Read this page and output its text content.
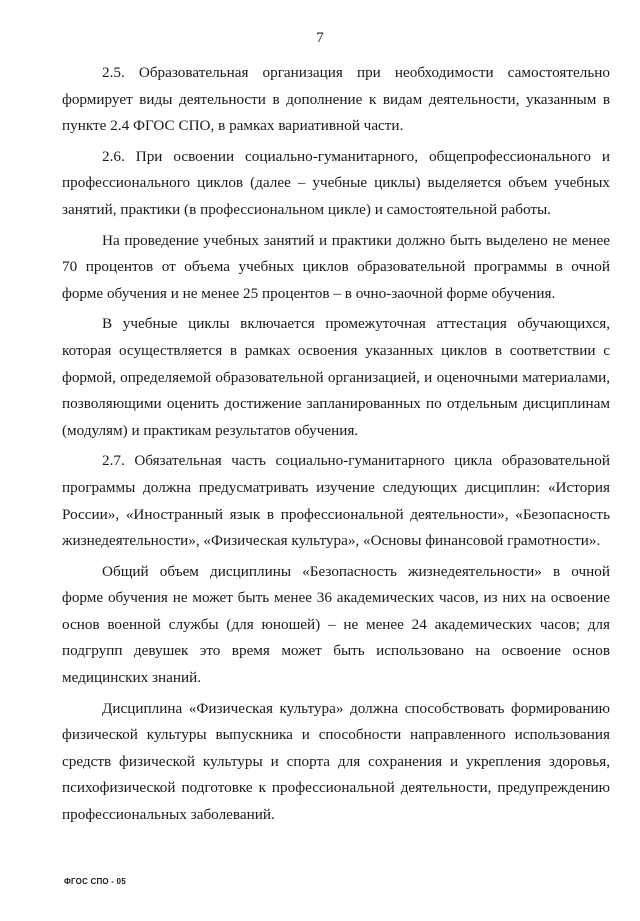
7

2.5. Образовательная организация при необходимости самостоятельно формирует виды деятельности в дополнение к видам деятельности, указанным в пункте 2.4 ФГОС СПО, в рамках вариативной части.

2.6. При освоении социально-гуманитарного, общепрофессионального и профессионального циклов (далее – учебные циклы) выделяется объем учебных занятий, практики (в профессиональном цикле) и самостоятельной работы.

На проведение учебных занятий и практики должно быть выделено не менее 70 процентов от объема учебных циклов образовательной программы в очной форме обучения и не менее 25 процентов – в очно-заочной форме обучения.

В учебные циклы включается промежуточная аттестация обучающихся, которая осуществляется в рамках освоения указанных циклов в соответствии с формой, определяемой образовательной организацией, и оценочными материалами, позволяющими оценить достижение запланированных по отдельным дисциплинам (модулям) и практикам результатов обучения.

2.7. Обязательная часть социально-гуманитарного цикла образовательной программы должна предусматривать изучение следующих дисциплин: «История России», «Иностранный язык в профессиональной деятельности», «Безопасность жизнедеятельности», «Физическая культура», «Основы финансовой грамотности».

Общий объем дисциплины «Безопасность жизнедеятельности» в очной форме обучения не может быть менее 36 академических часов, из них на освоение основ военной службы (для юношей) – не менее 24 академических часов; для подгрупп девушек это время может быть использовано на освоение основ медицинских знаний.

Дисциплина «Физическая культура» должна способствовать формированию физической культуры выпускника и способности направленного использования средств физической культуры и спорта для сохранения и укрепления здоровья, психофизической подготовке к профессиональной деятельности, предупреждению профессиональных заболеваний.

ФГОС СПО - 05
